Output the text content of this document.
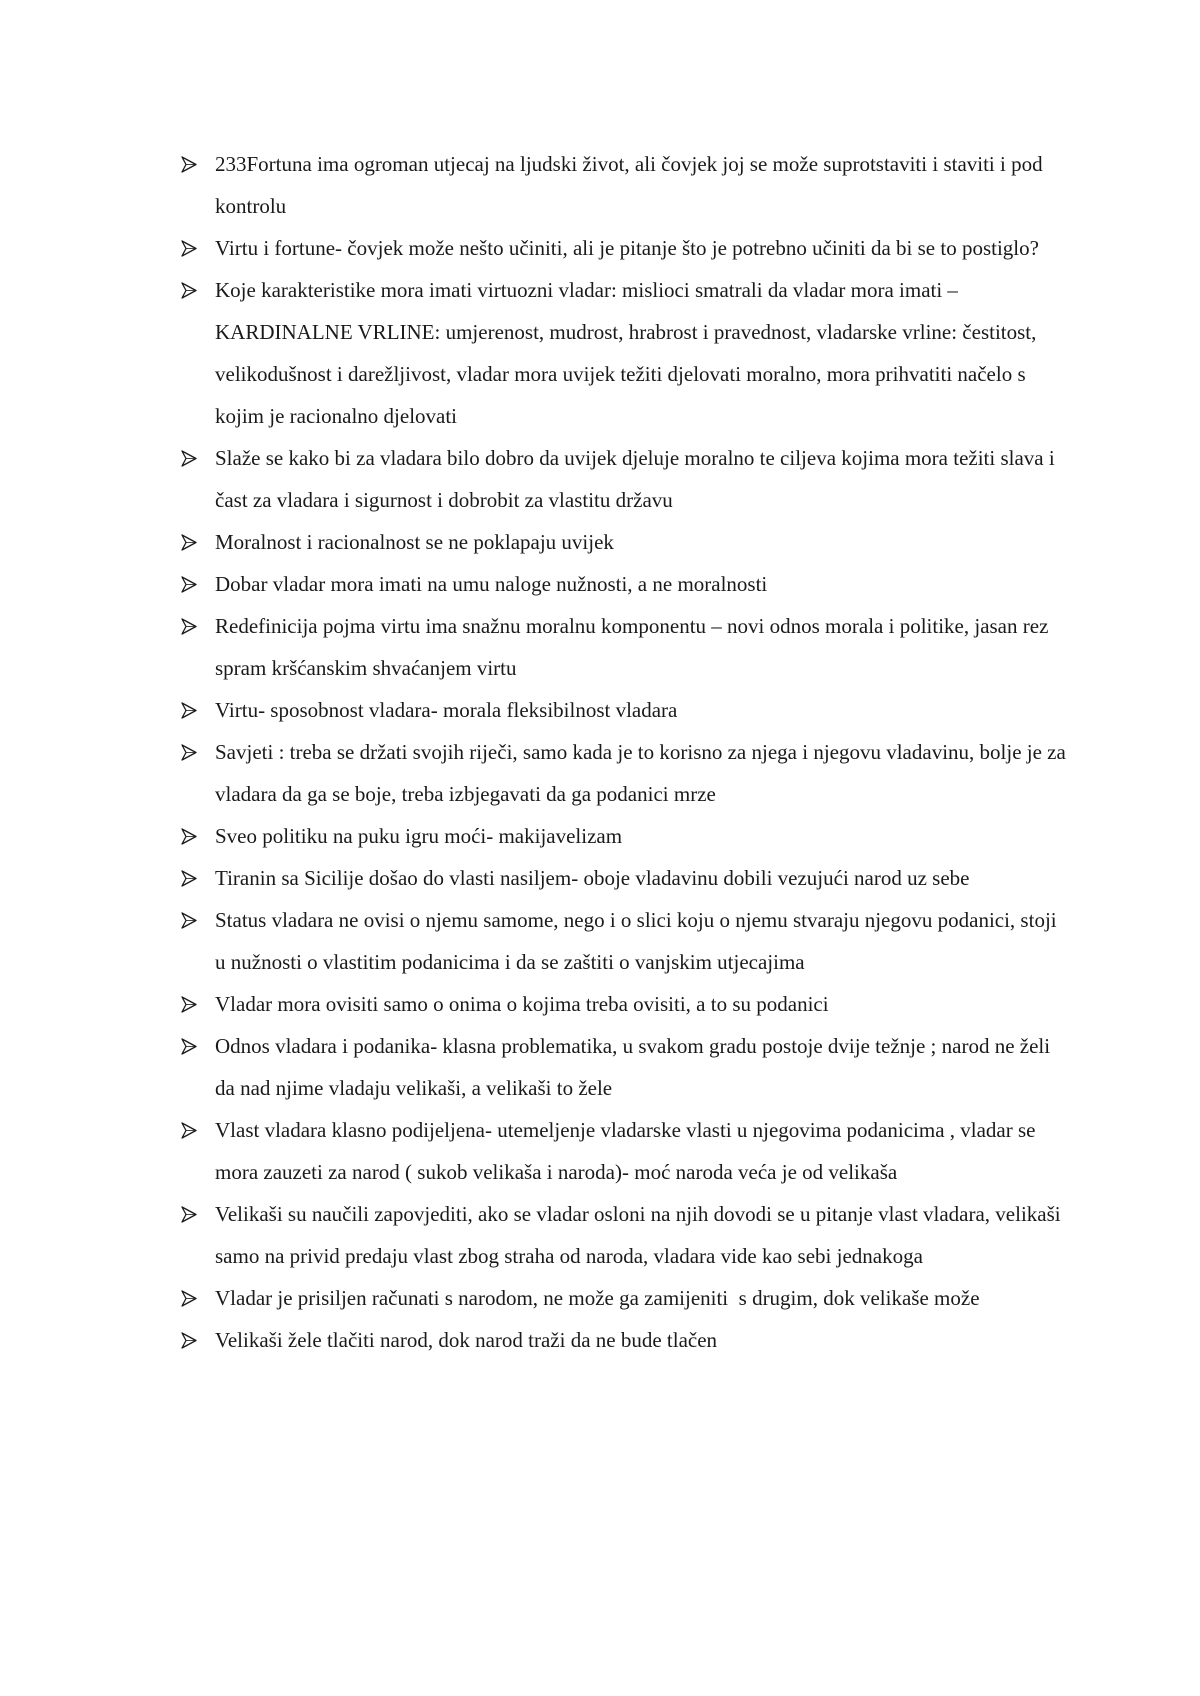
233Fortuna ima ogroman utjecaj na ljudski život, ali čovjek joj se može suprotstaviti i staviti i pod kontrolu
Virtu i fortune- čovjek može nešto učiniti, ali je pitanje što je potrebno učiniti da bi se to postiglo?
Koje karakteristike mora imati virtuozni vladar: mislioci smatrali da vladar mora imati – KARDINALNE VRLINE: umjerenost, mudrost, hrabrost i pravednost, vladarske vrline: čestitost, velikodušnost i darežljivost, vladar mora uvijek težiti djelovati moralno, mora prihvatiti načelo s kojim je racionalno djelovati
Slaže se kako bi za vladara bilo dobro da uvijek djeluje moralno te ciljeva kojima mora težiti slava i čast za vladara i sigurnost i dobrobit za vlastitu državu
Moralnost i racionalnost se ne poklapaju uvijek
Dobar vladar mora imati na umu naloge nužnosti, a ne moralnosti
Redefinicija pojma virtu ima snažnu moralnu komponentu – novi odnos morala i politike, jasan rez spram kršćanskim shvaćanjem virtu
Virtu- sposobnost vladara- morala fleksibilnost vladara
Savjeti : treba se držati svojih riječi, samo kada je to korisno za njega i njegovu vladavinu, bolje je za vladara da ga se boje, treba izbjegavati da ga podanici mrze
Sveo politiku na puku igru moći- makijavelizam
Tiranin sa Sicilije došao do vlasti nasiljem- oboje vladavinu dobili vezujući narod uz sebe
Status vladara ne ovisi o njemu samome, nego i o slici koju o njemu stvaraju njegovu podanici, stoji u nužnosti o vlastitim podanicima i da se zaštiti o vanjskim utjecajima
Vladar mora ovisiti samo o onima o kojima treba ovisiti, a to su podanici
Odnos vladara i podanika- klasna problematika, u svakom gradu postoje dvije težnje ; narod ne želi da nad njime vladaju velikaši, a velikaši to žele
Vlast vladara klasno podijeljena- utemeljenje vladarske vlasti u njegovima podanicima , vladar se mora zauzeti za narod ( sukob velikaša i naroda)- moć naroda veća je od velikaša
Velikaši su naučili zapovjediti, ako se vladar osloni na njih dovodi se u pitanje vlast vladara, velikaši samo na privid predaju vlast zbog straha od naroda, vladara vide kao sebi jednakoga
Vladar je prisiljen računati s narodom, ne može ga zamijeniti  s drugim, dok velikaše može
Velikaši žele tlačiti narod, dok narod traži da ne bude tlačen
